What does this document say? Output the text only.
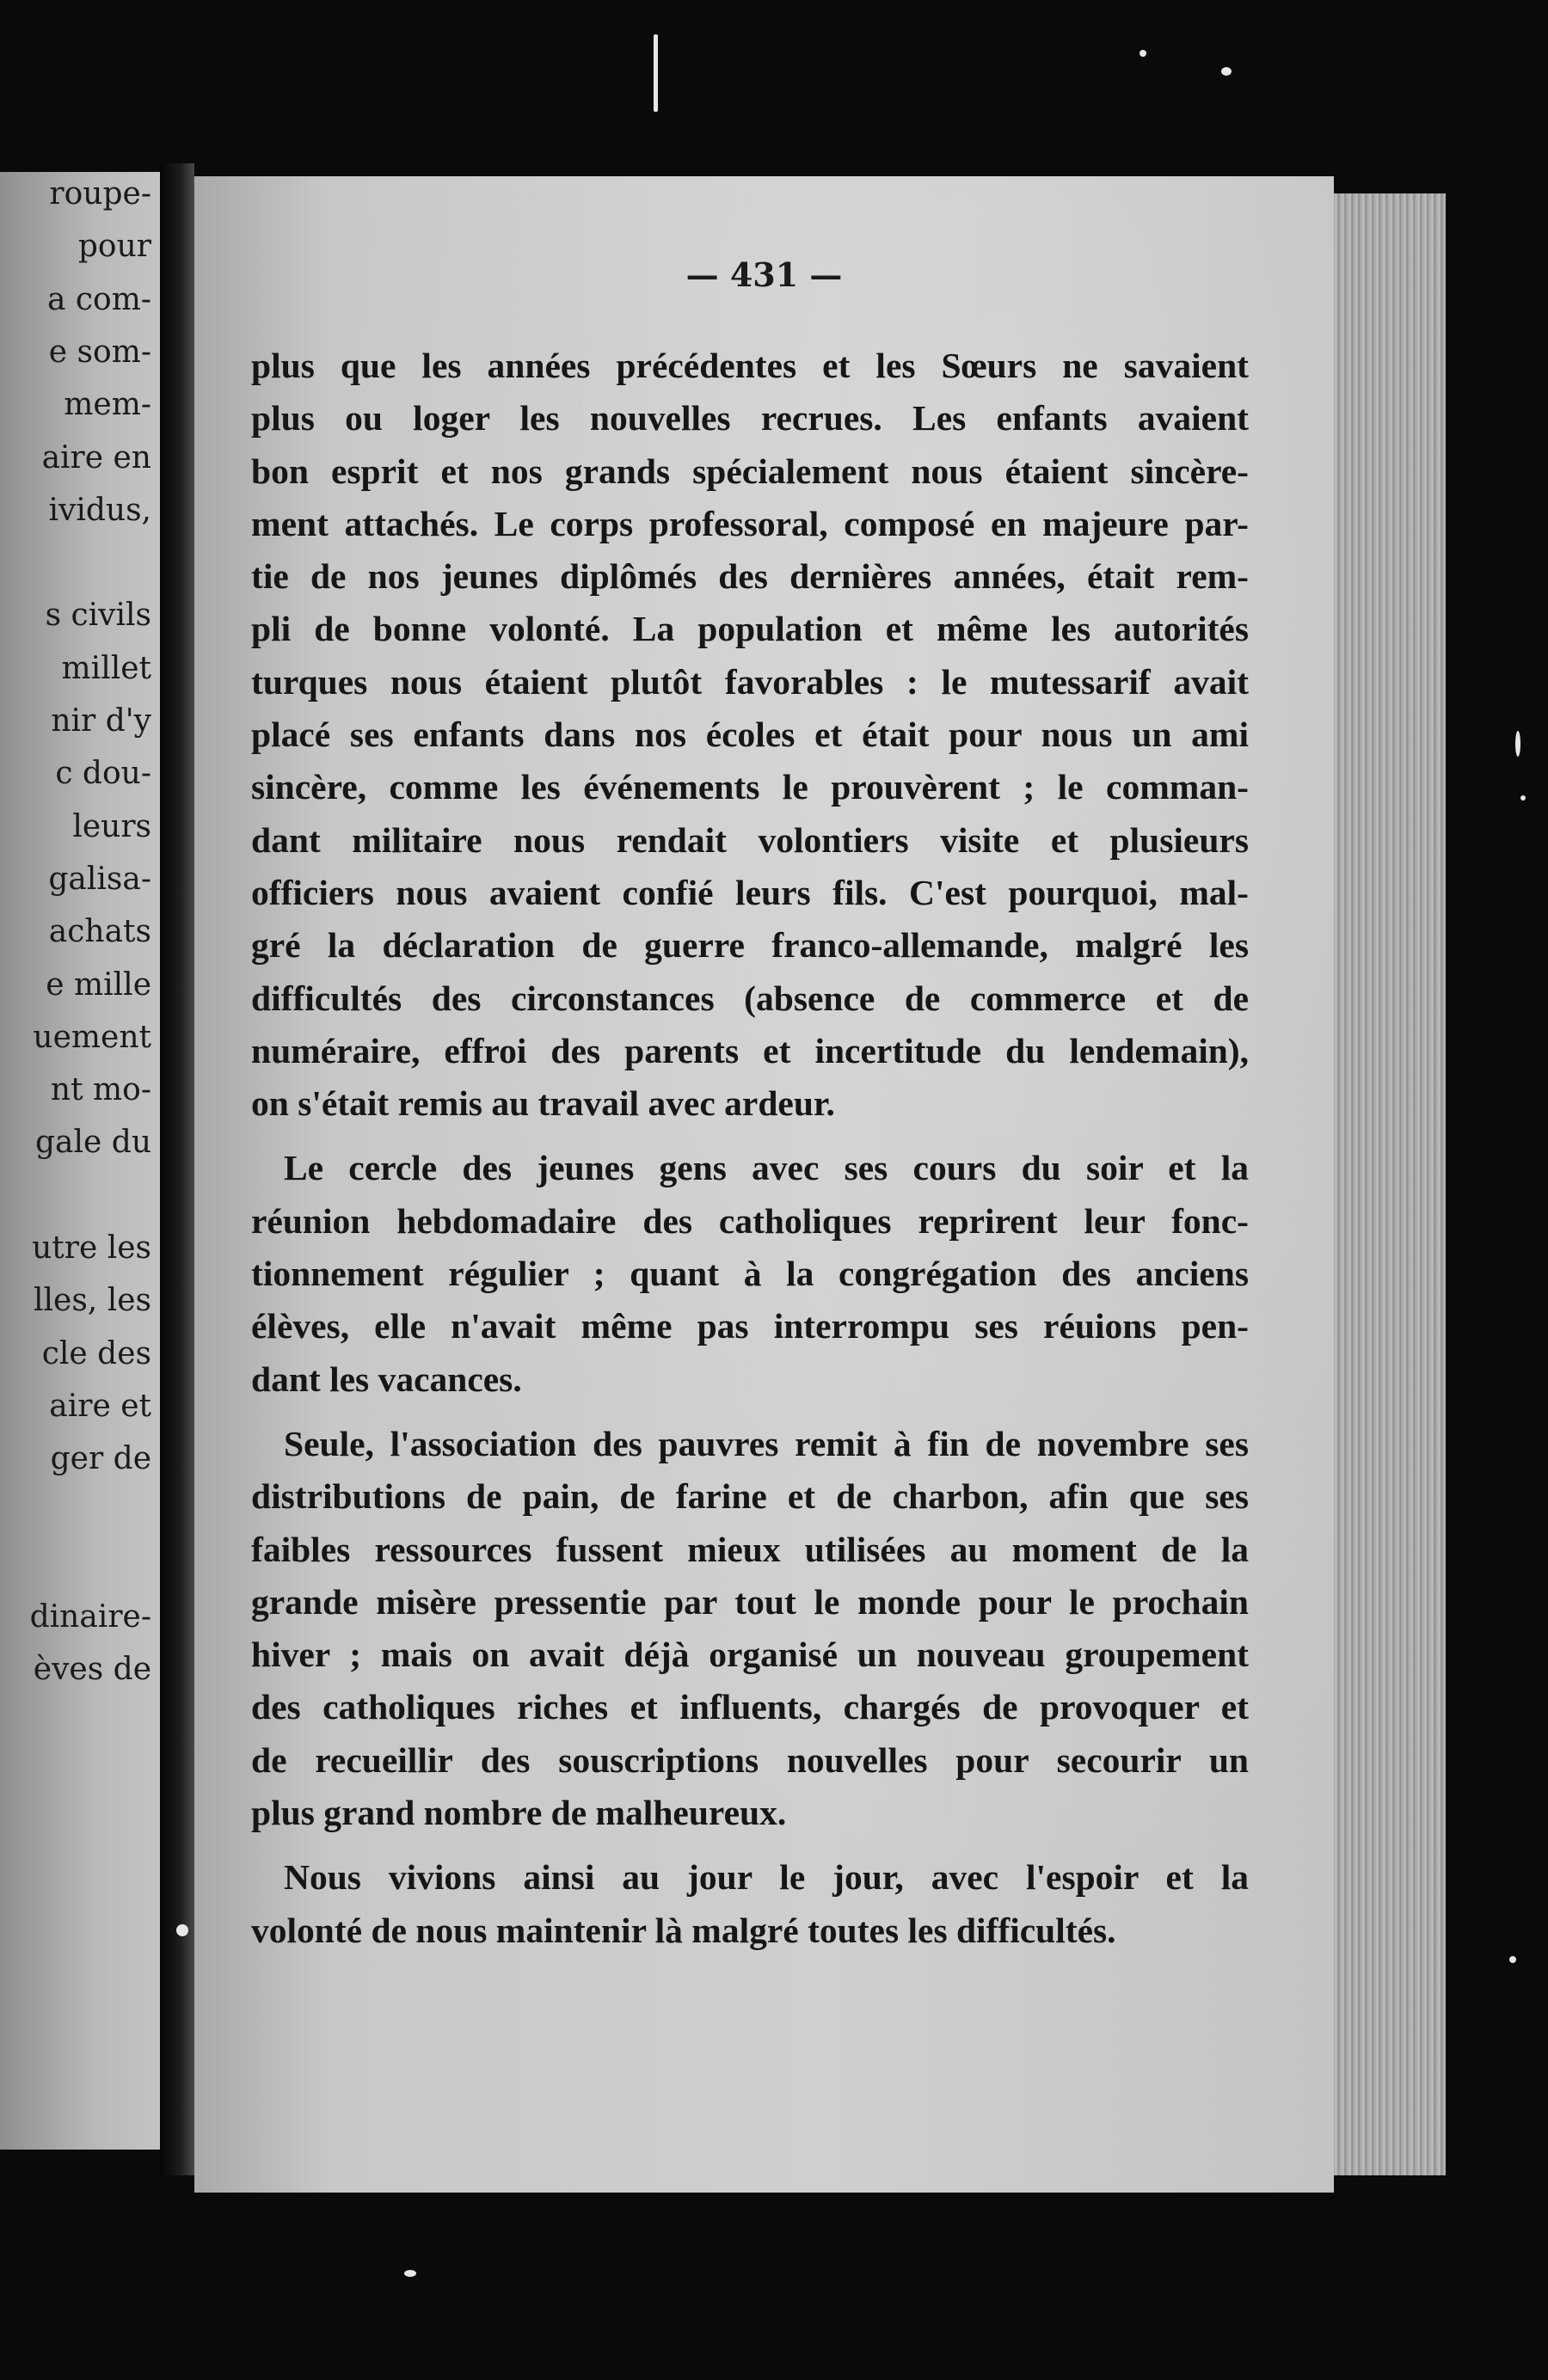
roupe-
pour
a com-
e som-
mem-
aire en
ividus,
s civils
millet
nir d'y
c dou-
leurs
galisa-
achats
e mille
uement
nt mo-
gale du
utre les
lles, les
cle des
aire et
ger de
dinaire-
èves de
— 431 —
plus que les années précédentes et les Sœurs ne savaient
plus ou loger les nouvelles recrues. Les enfants avaient
bon esprit et nos grands spécialement nous étaient sincère-
ment attachés. Le corps professoral, composé en majeure par-
tie de nos jeunes diplômés des dernières années, était rem-
pli de bonne volonté. La population et même les autorités
turques nous étaient plutôt favorables : le mutessarif avait
placé ses enfants dans nos écoles et était pour nous un ami
sincère, comme les événements le prouvèrent ; le comman-
dant militaire nous rendait volontiers visite et plusieurs
officiers nous avaient confié leurs fils. C'est pourquoi, mal-
gré la déclaration de guerre franco-allemande, malgré les
difficultés des circonstances (absence de commerce et de
numéraire, effroi des parents et incertitude du lendemain),
on s'était remis au travail avec ardeur.
Le cercle des jeunes gens avec ses cours du soir et la
réunion hebdomadaire des catholiques reprirent leur fonc-
tionnement régulier ; quant à la congrégation des anciens
élèves, elle n'avait même pas interrompu ses réuions pen-
dant les vacances.
Seule, l'association des pauvres remit à fin de novembre ses
distributions de pain, de farine et de charbon, afin que ses
faibles ressources fussent mieux utilisées au moment de la
grande misère pressentie par tout le monde pour le prochain
hiver ; mais on avait déjà organisé un nouveau groupement
des catholiques riches et influents, chargés de provoquer et
de recueillir des souscriptions nouvelles pour secourir un
plus grand nombre de malheureux.
Nous vivions ainsi au jour le jour, avec l'espoir et la
volonté de nous maintenir là malgré toutes les difficultés.
